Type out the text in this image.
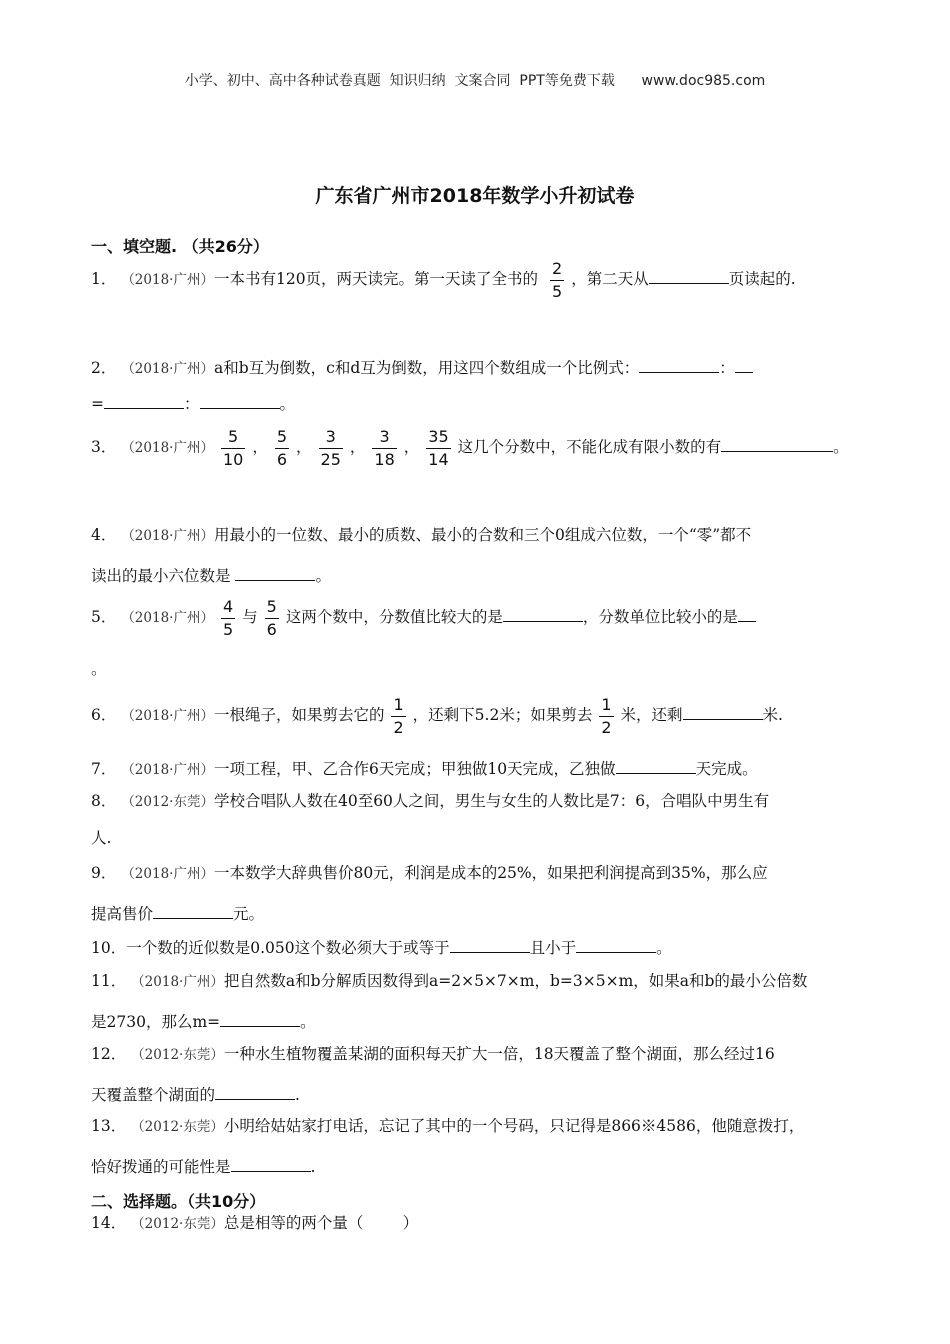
小学、初中、高中各种试卷真题  知识归纳  文案合同  PPT等免费下载      www.doc985.com
广东省广州市2018年数学小升初试卷
一、填空题. （共26分）
1． （2018·广州）一本书有120页，两天读完。第一天读了全书的 $\frac{2}{5}$ ，第二天从	页读起的.
2． （2018·广州）a和b互为倒数，c和d互为倒数，用这四个数组成一个比例式：	：
=	：	。
3． （2018·广州） $\frac{5}{10}$ ， $\frac{5}{6}$ ， $\frac{3}{25}$ ， $\frac{3}{18}$ ， $\frac{35}{14}$ 这几个分数中，不能化成有限小数的有	。
4． （2018·广州）用最小的一位数、最小的质数、最小的合数和三个0组成六位数，一个“零”都不
读出的最小六位数是	。
5． （2018·广州） $\frac{4}{5}$ 与 $\frac{5}{6}$ 这两个数中，分数值比较大的是	，分数单位比较小的是
。
6． （2018·广州）一根绳子，如果剪去它的 $\frac{1}{2}$ ，还剩下5.2米；如果剪去 $\frac{1}{2}$ 米，还剩	米.
7． （2018·广州）一项工程，甲、乙合作6天完成；甲独做10天完成，乙独做	天完成。
8． （2012·东莞）学校合唱队人数在40至60人之间，男生与女生的人数比是7：6，合唱队中男生有
人.
9． （2018·广州）一本数学大辞典售价80元，利润是成本的25%，如果把利润提高到35%，那么应
提高售价	元。
10．一个数的近似数是0.050这个数必须大于或等于	且小于	。
11． （2018·广州）把自然数a和b分解质因数得到a=2×5×7×m，b=3×5×m，如果a和b的最小公倍数
是2730，那么m=	。
12． （2012·东莞）一种水生植物覆盖某湖的面积每天扩大一倍，18天覆盖了整个湖面，那么经过16
天覆盖整个湖面的	.
13． （2012·东莞）小明给姑姑家打电话，忘记了其中的一个号码，只记得是866※4586，他随意拨打，
恰好拨通的可能性是	.
二、选择题。（共10分）
14． （2012·东莞）总是相等的两个量（        ）
